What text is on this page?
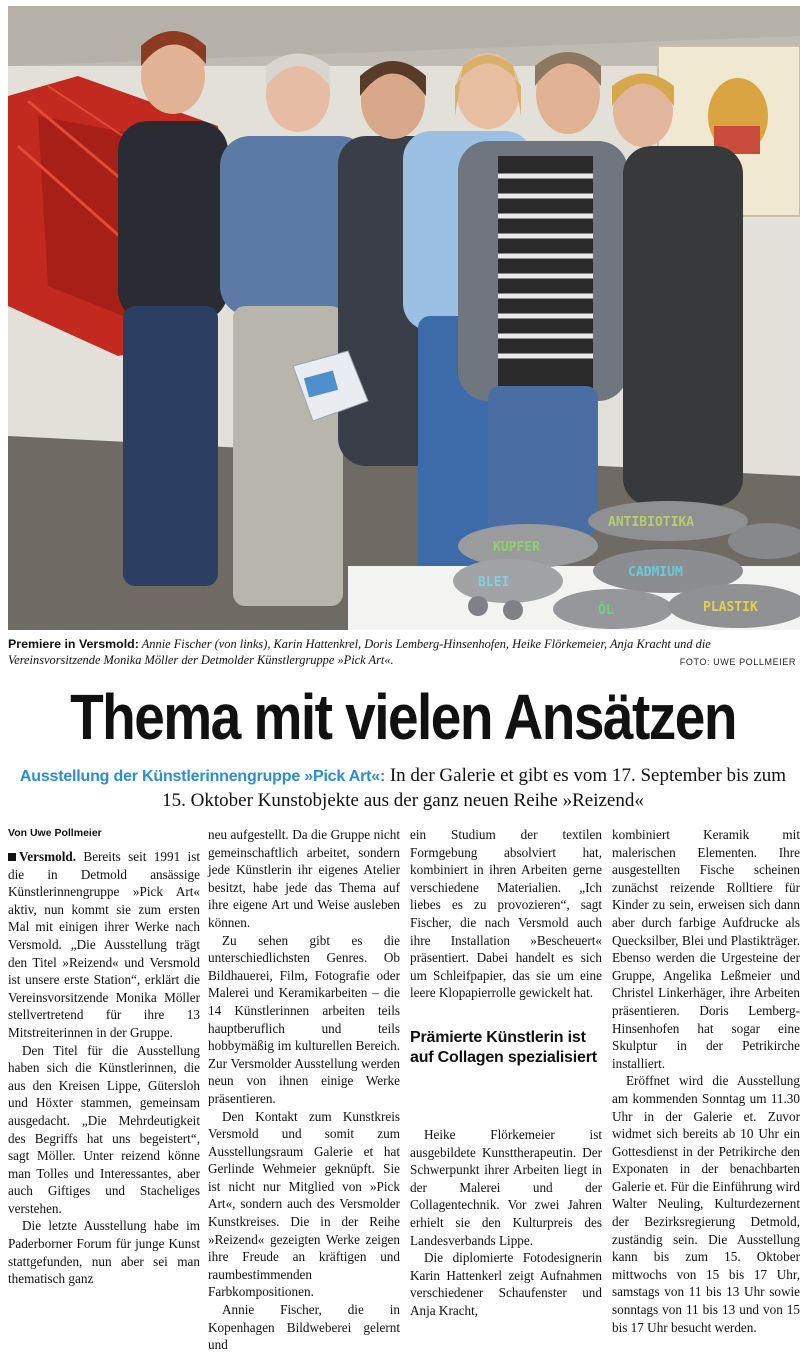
ANTIBIOTIKA
KUPFER
CADMIUM
BLEI
ÖL	PLASTIK
Premiere in Versmold: Annie Fischer (von links), Karin Hattenkrel, Doris Lemberg-Hinsenhofen, Heike Flörkemeier, Anja Kracht und die Vereinsvorsitzende Monika Möller der Detmolder Künstlergruppe »Pick Art«.	FOTO: UWE POLLMEIER
Thema mit vielen Ansätzen
Ausstellung der Künstlerinnengruppe »Pick Art«: In der Galerie et gibt es vom 17. September bis zum 15. Oktober Kunstobjekte aus der ganz neuen Reihe »Reizend«
Von Uwe Pollmeier

Versmold. Bereits seit 1991 ist die in Detmold ansässige Künstlerinnengruppe »Pick Art« aktiv, nun kommt sie zum ersten Mal mit einigen ihrer Werke nach Versmold. „Die Ausstellung trägt den Titel »Reizend« und Versmold ist unsere erste Station“, erklärt die Vereinsvorsitzende Monika Möller stellvertretend für ihre 13 Mitstreiterinnen in der Gruppe.

Den Titel für die Ausstellung haben sich die Künstlerinnen, die aus den Kreisen Lippe, Gütersloh und Höxter stammen, gemeinsam ausgedacht. „Die Mehrdeutigkeit des Begriffs hat uns begeistert“, sagt Möller. Unter reizend könne man Tolles und Interessantes, aber auch Giftiges und Stacheliges verstehen.

Die letzte Ausstellung habe im Paderborner Forum für junge Kunst stattgefunden, nun aber sei man thematisch ganz

neu aufgestellt. Da die Gruppe nicht gemeinschaftlich arbeitet, sondern jede Künstlerin ihr eigenes Atelier besitzt, habe jede das Thema auf ihre eigene Art und Weise ausleben können.

Zu sehen gibt es die unterschiedlichsten Genres. Ob Bildhauerei, Film, Fotografie oder Malerei und Keramikarbeiten – die 14 Künstlerinnen arbeiten teils hauptberuflich und teils hobbymäßig im kulturellen Bereich. Zur Versmolder Ausstellung werden neun von ihnen einige Werke präsentieren.

Den Kontakt zum Kunstkreis Versmold und somit zum Ausstellungsraum Galerie et hat Gerlinde Wehmeier geknüpft. Sie ist nicht nur Mitglied von »Pick Art«, sondern auch des Versmolder Kunstkreises. Die in der Reihe »Reizend« gezeigten Werke zeigen ihre Freude an kräftigen und raumbestimmenden Farbkompositionen.

Annie Fischer, die in Kopenhagen Bildweberei gelernt und

ein Studium der textilen Formgebung absolviert hat, kombiniert in ihren Arbeiten gerne verschiedene Materialien. „Ich liebes es zu provozieren“, sagt Fischer, die nach Versmold auch ihre Installation »Bescheuert« präsentiert. Dabei handelt es sich um Schleifpapier, das sie um eine leere Klopapierrolle gewickelt hat.

Prämierte Künstlerin ist auf Collagen spezialisiert

Heike Flörkemeier ist ausgebildete Kunsttherapeutin. Der Schwerpunkt ihrer Arbeiten liegt in der Malerei und der Collagentechnik. Vor zwei Jahren erhielt sie den Kulturpreis des Landesverbands Lippe.

Die diplomierte Fotodesignerin Karin Hattenkerl zeigt Aufnahmen verschiedener Schaufenster und Anja Kracht,

kombiniert Keramik mit malerischen Elementen. Ihre ausgestellten Fische scheinen zunächst reizende Rolltiere für Kinder zu sein, erweisen sich dann aber durch farbige Aufdrucke als Quecksilber, Blei und Plastikträger. Ebenso werden die Urgesteine der Gruppe, Angelika Leßmeier und Christel Linkerhäger, ihre Arbeiten präsentieren. Doris Lemberg-Hinsenhofen hat sogar eine Skulptur in der Petrikirche installiert.

Eröffnet wird die Ausstellung am kommenden Sonntag um 11.30 Uhr in der Galerie et. Zuvor widmet sich bereits ab 10 Uhr ein Gottesdienst in der Petrikirche den Exponaten in der benachbarten Galerie et. Für die Einführung wird Walter Neuling, Kulturdezernent der Bezirksregierung Detmold, zuständig sein. Die Ausstellung kann bis zum 15. Oktober mittwochs von 15 bis 17 Uhr, samstags von 11 bis 13 Uhr sowie sonntags von 11 bis 13 und von 15 bis 17 Uhr besucht werden.
